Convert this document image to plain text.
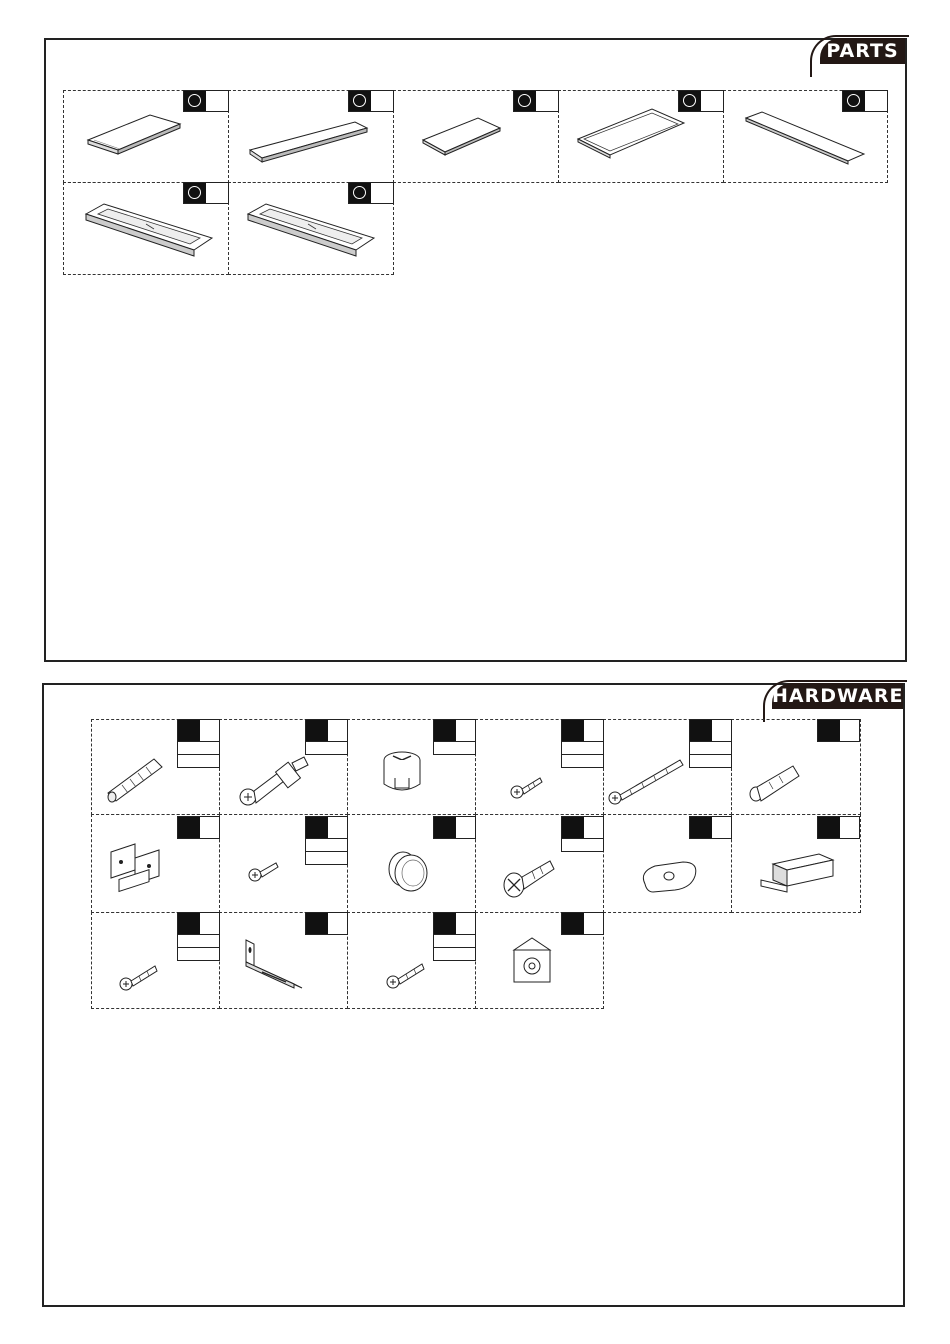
PARTS
HARDWARE
